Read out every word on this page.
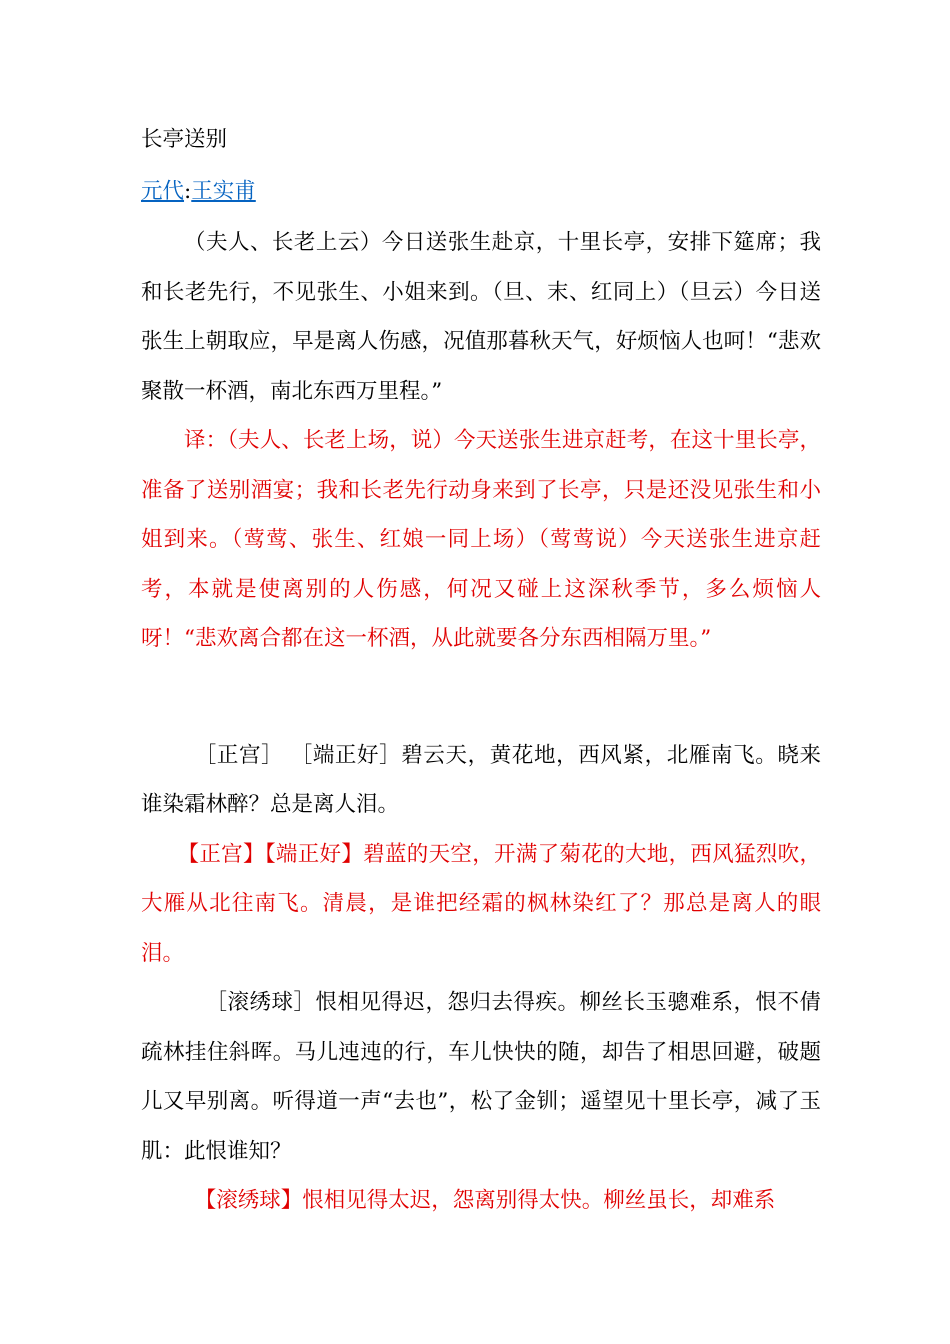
长亭送别
元代:王实甫

（夫人、长老上云）今日送张生赴京，十里长亭，安排下筵席；我和长老先行，不见张生、小姐来到。（旦、末、红同上）（旦云）今日送张生上朝取应，早是离人伤感，况值那暮秋天气，好烦恼人也呵！“悲欢聚散一杯酒，南北东西万里程。”

译：（夫人、长老上场，说）今天送张生进京赶考，在这十里长亭，准备了送别酒宴；我和长老先行动身来到了长亭，只是还没见张生和小姐到来。（莺莺、张生、红娘一同上场）（莺莺说）今天送张生进京赶考，本就是使离别的人伤感，何况又碰上这深秋季节，多么烦恼人呀！“悲欢离合都在这一杯酒，从此就要各分东西相隔万里。”

［正宫］ ［端正好］碧云天，黄花地，西风紧，北雁南飞。晓来谁染霜林醉？总是离人泪。

【正宫】【端正好】碧蓝的天空，开满了菊花的大地，西风猛烈吹，大雁从北往南飞。清晨，是谁把经霜的枫林染红了？那总是离人的眼泪。

［滚绣球］恨相见得迟，怨归去得疾。柳丝长玉骢难系，恨不倩疏林挂住斜晖。马儿迍迍的行，车儿快快的随，却告了相思回避，破题儿又早别离。听得道一声“去也”，松了金钏；遥望见十里长亭，减了玉肌：此恨谁知？

【滚绣球】恨相见得太迟，怨离别得太快。柳丝虽长，却难系
